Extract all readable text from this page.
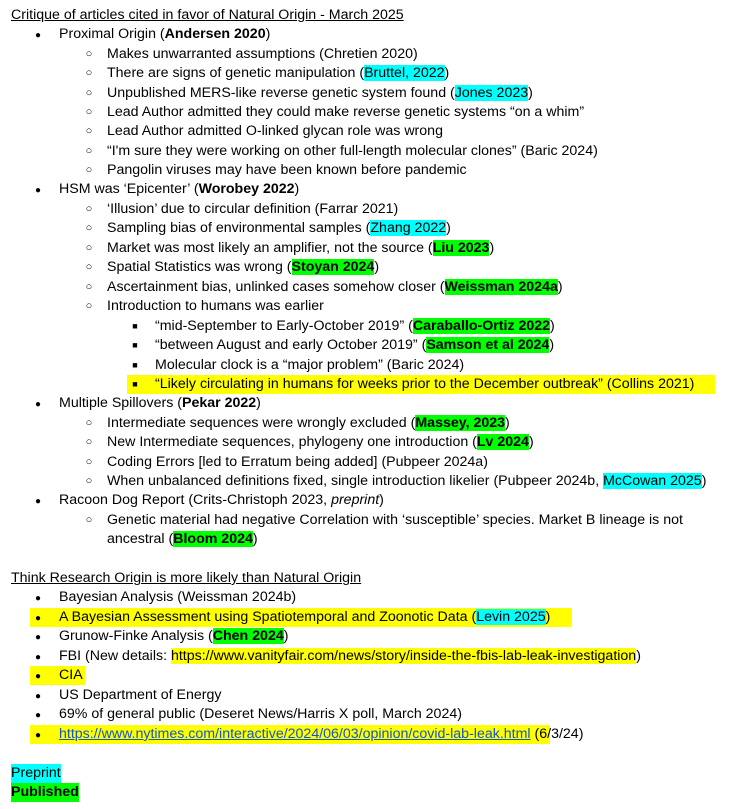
Critique of articles cited in favor of Natural Origin - March 2025
●
Proximal Origin (Andersen 2020)
○
Makes unwarranted assumptions (Chretien 2020)
○
There are signs of genetic manipulation (Bruttel, 2022)
○
Unpublished MERS-like reverse genetic system found (Jones 2023)
○
Lead Author admitted they could make reverse genetic systems “on a whim”
○
Lead Author admitted O-linked glycan role was wrong
○
“I'm sure they were working on other full-length molecular clones” (Baric 2024)
○
Pangolin viruses may have been known before pandemic
●
HSM was ‘Epicenter’ (Worobey 2022)
○
‘Illusion’ due to circular definition (Farrar 2021)
○
Sampling bias of environmental samples (Zhang 2022)
○
Market was most likely an amplifier, not the source (Liu 2023)
○
Spatial Statistics was wrong (Stoyan 2024)
○
Ascertainment bias, unlinked cases somehow closer (Weissman 2024a)
○
Introduction to humans was earlier
■
“mid-September to Early-October 2019” (Caraballo-Ortiz 2022)
■
“between August and early October 2019” (Samson et al 2024)
■
Molecular clock is a “major problem” (Baric 2024)
■
“Likely circulating in humans for weeks prior to the December outbreak” (Collins 2021)
●
Multiple Spillovers (Pekar 2022)
○
Intermediate sequences were wrongly excluded (Massey, 2023)
○
New Intermediate sequences, phylogeny one introduction (Lv 2024)
○
Coding Errors [led to Erratum being added] (Pubpeer 2024a)
○
When unbalanced definitions fixed, single introduction likelier (Pubpeer 2024b, McCowan 2025)
●
Racoon Dog Report (Crits-Christoph 2023, preprint)
○
Genetic material had negative Correlation with ‘susceptible’ species. Market B lineage is not
ancestral (Bloom 2024)
Think Research Origin is more likely than Natural Origin
●
Bayesian Analysis (Weissman 2024b)
●
A Bayesian Assessment using Spatiotemporal and Zoonotic Data (Levin 2025)
●
Grunow-Finke Analysis (Chen 2024)
●
FBI (New details: https://www.vanityfair.com/news/story/inside-the-fbis-lab-leak-investigation)
●
CIA
●
US Department of Energy
●
69% of general public (Deseret News/Harris X poll, March 2024)
●
https://www.nytimes.com/interactive/2024/06/03/opinion/covid-lab-leak.html (6/3/24)
Preprint
Published
